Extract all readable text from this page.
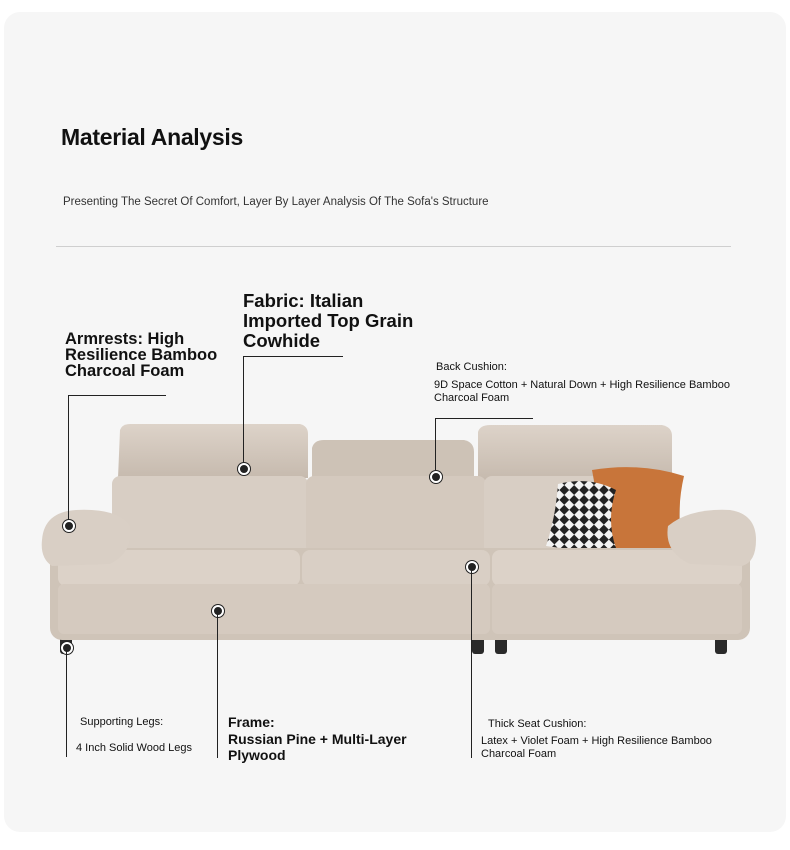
Material Analysis
Presenting The Secret Of Comfort, Layer By Layer Analysis Of The Sofa's Structure
Fabric: Italian
Imported Top Grain
Cowhide
Armrests: High
Resilience Bamboo
Charcoal Foam	Back Cushion:
9D Space Cotton + Natural Down + High Resilience Bamboo
Charcoal Foam
Supporting Legs:
4 Inch Solid Wood Legs
Frame:
Russian Pine + Multi-Layer
Plywood
Thick Seat Cushion:
Latex + Violet Foam + High Resilience Bamboo
Charcoal Foam
